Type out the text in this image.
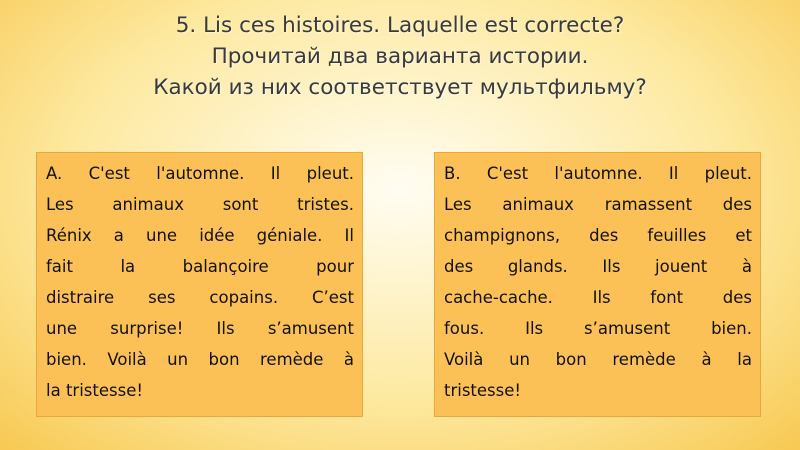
5. Lis ces histoires. Laquelle est correcte?
Прочитай два варианта истории.
Какой из них соответствует мультфильму?
A. C'est l'automne. Il pleut.
Les animaux sont tristes.
Rénix a une idée géniale. Il
fait la balançoire pour
distraire ses copains. C’est
une surprise! Ils s’amusent
bien. Voilà un bon remède à
la tristesse!
B. C'est l'automne. Il pleut.
Les animaux ramassent des
champignons, des feuilles et
des glands. Ils jouent à
cache-cache. Ils font des
fous. Ils s’amusent bien.
Voilà un bon remède à la
tristesse!
